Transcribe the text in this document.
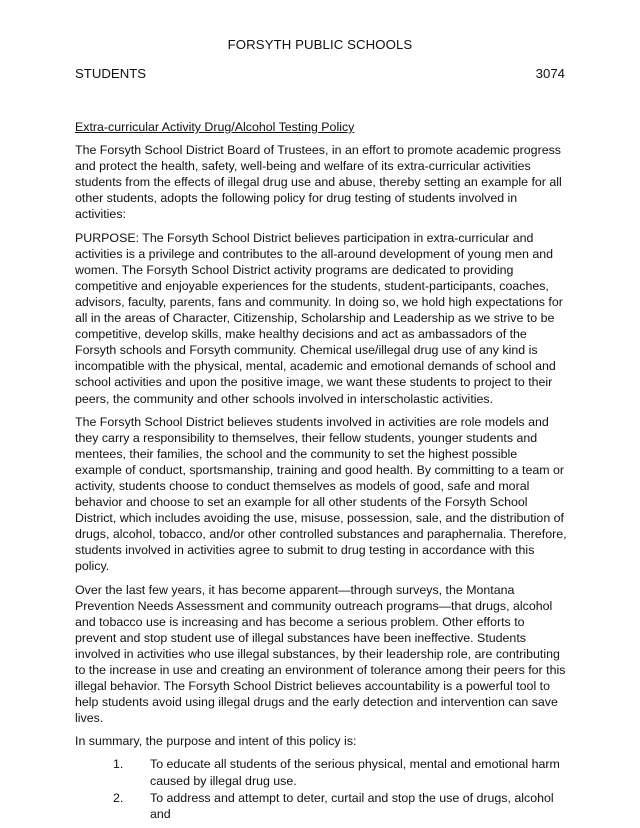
FORSYTH PUBLIC SCHOOLS
STUDENTS	3074
Extra-curricular Activity Drug/Alcohol Testing Policy

The Forsyth School District Board of Trustees, in an effort to promote academic progress and protect the health, safety, well-being and welfare of its extra-curricular activities students from the effects of illegal drug use and abuse, thereby setting an example for all other students, adopts the following policy for drug testing of students involved in activities:

PURPOSE: The Forsyth School District believes participation in extra-curricular and activities is a privilege and contributes to the all-around development of young men and women. The Forsyth School District activity programs are dedicated to providing competitive and enjoyable experiences for the students, student-participants, coaches, advisors, faculty, parents, fans and community. In doing so, we hold high expectations for all in the areas of Character, Citizenship, Scholarship and Leadership as we strive to be competitive, develop skills, make healthy decisions and act as ambassadors of the Forsyth schools and Forsyth community. Chemical use/illegal drug use of any kind is incompatible with the physical, mental, academic and emotional demands of school and school activities and upon the positive image, we want these students to project to their peers, the community and other schools involved in interscholastic activities.

The Forsyth School District believes students involved in activities are role models and they carry a responsibility to themselves, their fellow students, younger students and mentees, their families, the school and the community to set the highest possible example of conduct, sportsmanship, training and good health. By committing to a team or activity, students choose to conduct themselves as models of good, safe and moral behavior and choose to set an example for all other students of the Forsyth School District, which includes avoiding the use, misuse, possession, sale, and the distribution of drugs, alcohol, tobacco, and/or other controlled substances and paraphernalia. Therefore, students involved in activities agree to submit to drug testing in accordance with this policy.

Over the last few years, it has become apparent—through surveys, the Montana Prevention Needs Assessment and community outreach programs—that drugs, alcohol and tobacco use is increasing and has become a serious problem. Other efforts to prevent and stop student use of illegal substances have been ineffective. Students involved in activities who use illegal substances, by their leadership role, are contributing to the increase in use and creating an environment of tolerance among their peers for this illegal behavior. The Forsyth School District believes accountability is a powerful tool to help students avoid using illegal drugs and the early detection and intervention can save lives.

In summary, the purpose and intent of this policy is:

1. To educate all students of the serious physical, mental and emotional harm caused by illegal drug use.
2. To address and attempt to deter, curtail and stop the use of drugs, alcohol and
